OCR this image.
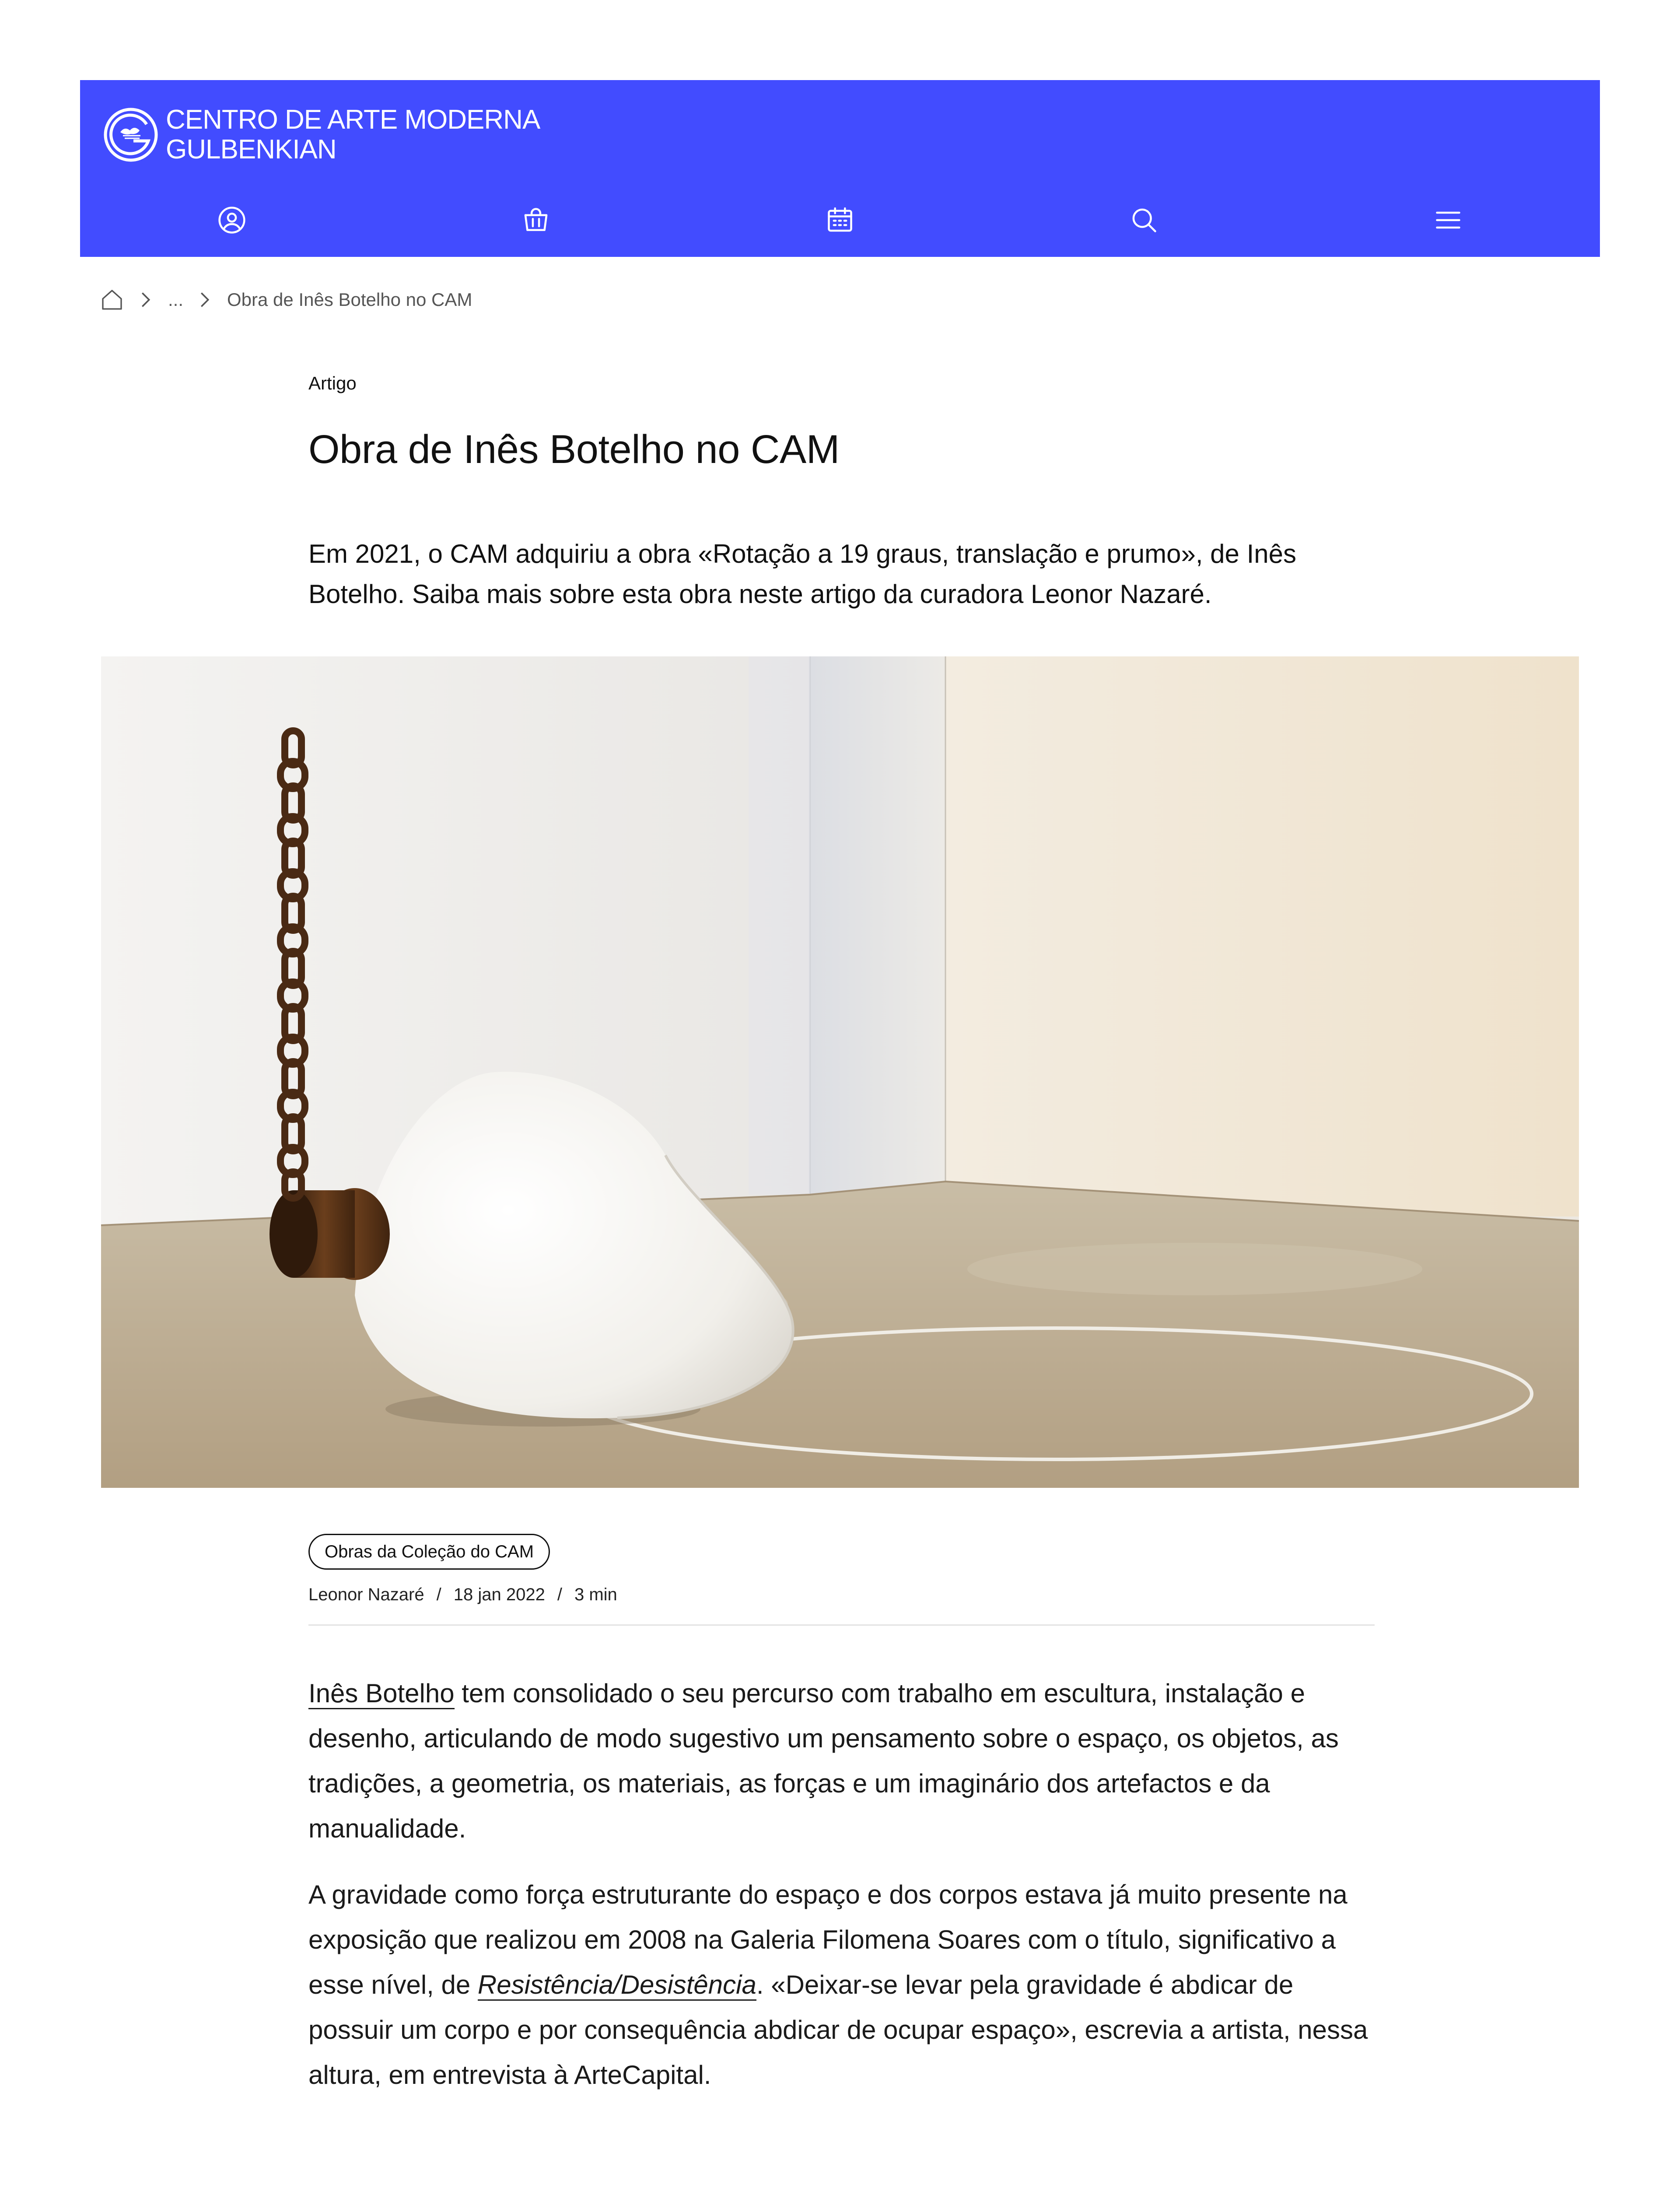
CENTRO DE ARTE MODERNA
GULBENKIAN
... Obra de Inês Botelho no CAM
Artigo
Obra de Inês Botelho no CAM

Em 2021, o CAM adquiriu a obra «Rotação a 19 graus, translação e prumo», de Inês Botelho. Saiba mais sobre esta obra neste artigo da curadora Leonor Nazaré.

Obras da Coleção do CAM
Leonor Nazaré / 18 jan 2022 / 3 min

Inês Botelho tem consolidado o seu percurso com trabalho em escultura, instalação e desenho, articulando de modo sugestivo um pensamento sobre o espaço, os objetos, as tradições, a geometria, os materiais, as forças e um imaginário dos artefactos e da manualidade.

A gravidade como força estruturante do espaço e dos corpos estava já muito presente na exposição que realizou em 2008 na Galeria Filomena Soares com o título, significativo a esse nível, de Resistência/Desistência. «Deixar-se levar pela gravidade é abdicar de possuir um corpo e por consequência abdicar de ocupar espaço», escrevia a artista, nessa altura, em entrevista à ArteCapital.
